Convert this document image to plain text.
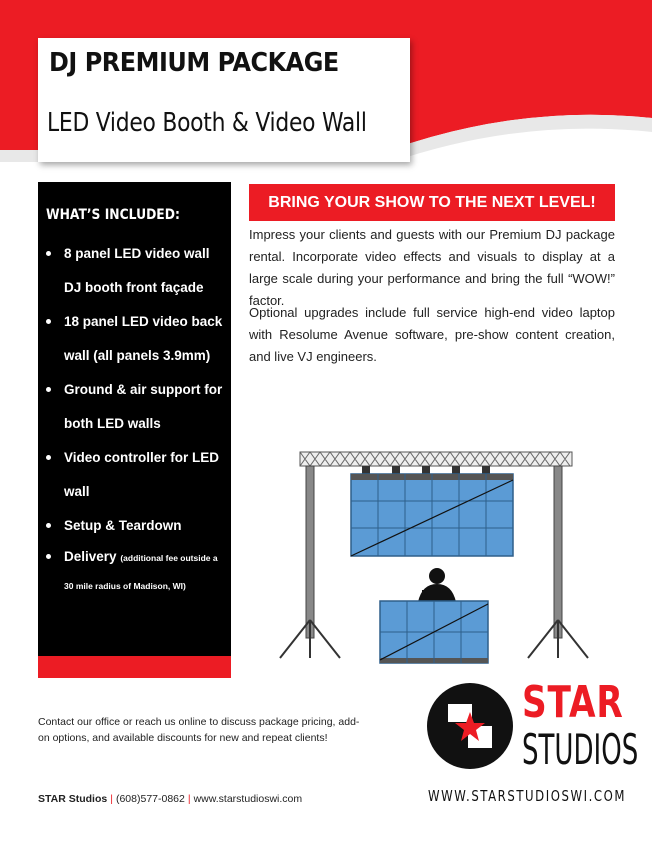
DJ PREMIUM PACKAGE
LED Video Booth & Video Wall
WHAT’S INCLUDED:
8 panel LED video wall DJ booth front façade
18 panel LED video back wall (all panels 3.9mm)
Ground & air support for both LED walls
Video controller for LED wall
Setup & Teardown
Delivery (additional fee outside a 30 mile radius of Madison, WI)
BRING YOUR SHOW TO THE NEXT LEVEL!

Impress your clients and guests with our Premium DJ package rental. Incorporate video effects and visuals to display at a large scale during your performance and bring the full “WOW!” factor.

Optional upgrades include full service high-end video laptop with Resolume Avenue software, pre-show content creation, and live VJ engineers.

Contact our office or reach us online to discuss package pricing, add-on options, and available discounts for new and repeat clients!

STAR Studios | (608)577-0862 | www.starstudioswi.com
STAR
STUDIOS
WWW.STARSTUDIOSWI.COM
